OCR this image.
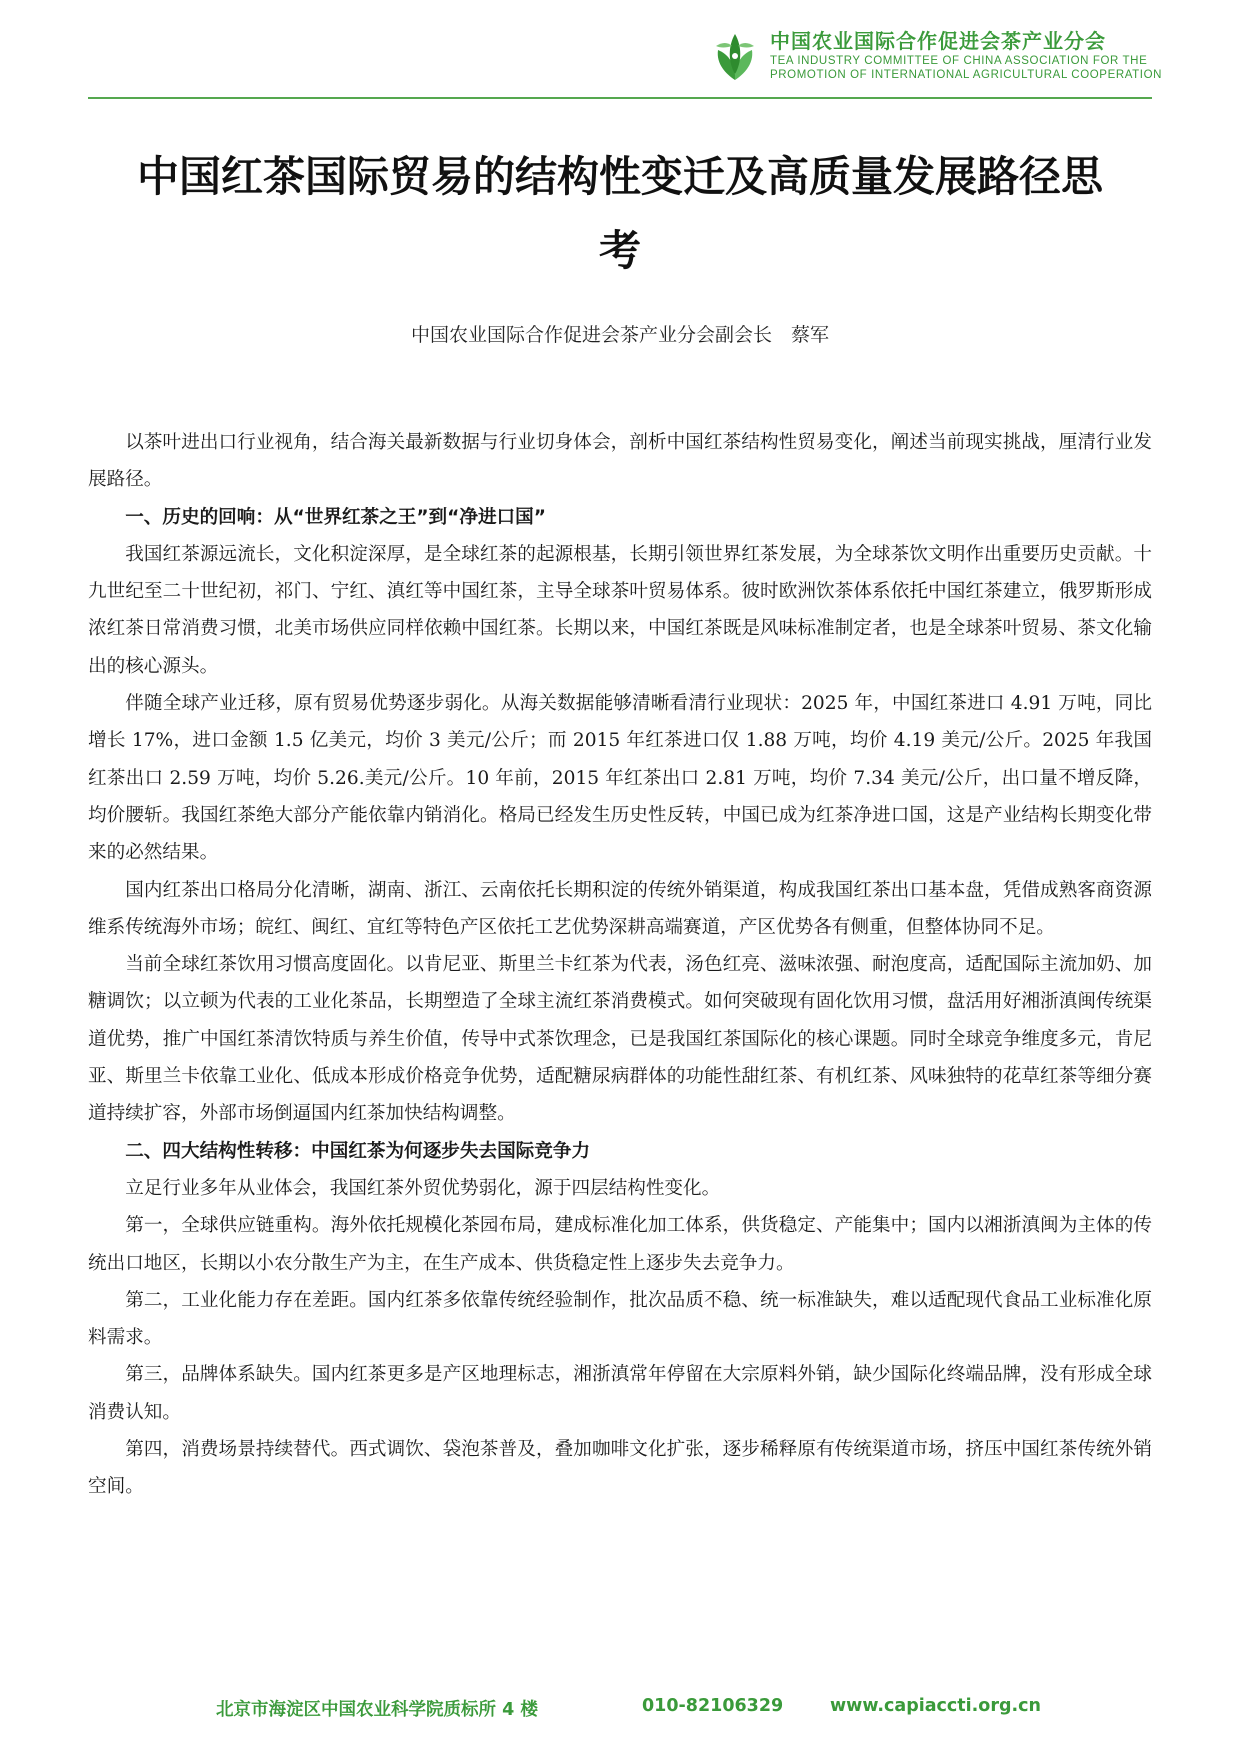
中国农业国际合作促进会茶产业分会
TEA INDUSTRY COMMITTEE OF CHINA ASSOCIATION FOR THE
PROMOTION OF INTERNATIONAL AGRICULTURAL COOPERATION
中国红茶国际贸易的结构性变迁及高质量发展路径思
考
中国农业国际合作促进会茶产业分会副会长　蔡军

以茶叶进出口行业视角，结合海关最新数据与行业切身体会，剖析中国红茶结构性贸易变化，阐述当前现实挑战，厘清行业发展路径。

一、历史的回响：从“世界红茶之王”到“净进口国”

我国红茶源远流长，文化积淀深厚，是全球红茶的起源根基，长期引领世界红茶发展，为全球茶饮文明作出重要历史贡献。十九世纪至二十世纪初，祁门、宁红、滇红等中国红茶，主导全球茶叶贸易体系。彼时欧洲饮茶体系依托中国红茶建立，俄罗斯形成浓红茶日常消费习惯，北美市场供应同样依赖中国红茶。长期以来，中国红茶既是风味标准制定者，也是全球茶叶贸易、茶文化输出的核心源头。

伴随全球产业迁移，原有贸易优势逐步弱化。从海关数据能够清晰看清行业现状：2025 年，中国红茶进口 4.91 万吨，同比增长 17%，进口金额 1.5 亿美元，均价 3 美元/公斤；而 2015 年红茶进口仅 1.88 万吨，均价 4.19 美元/公斤。2025 年我国红茶出口 2.59 万吨，均价 5.26.美元/公斤。10 年前，2015 年红茶出口 2.81 万吨，均价 7.34 美元/公斤，出口量不增反降，均价腰斩。我国红茶绝大部分产能依靠内销消化。格局已经发生历史性反转，中国已成为红茶净进口国，这是产业结构长期变化带来的必然结果。

国内红茶出口格局分化清晰，湖南、浙江、云南依托长期积淀的传统外销渠道，构成我国红茶出口基本盘，凭借成熟客商资源维系传统海外市场；皖红、闽红、宜红等特色产区依托工艺优势深耕高端赛道，产区优势各有侧重，但整体协同不足。

当前全球红茶饮用习惯高度固化。以肯尼亚、斯里兰卡红茶为代表，汤色红亮、滋味浓强、耐泡度高，适配国际主流加奶、加糖调饮；以立顿为代表的工业化茶品，长期塑造了全球主流红茶消费模式。如何突破现有固化饮用习惯，盘活用好湘浙滇闽传统渠道优势，推广中国红茶清饮特质与养生价值，传导中式茶饮理念，已是我国红茶国际化的核心课题。同时全球竞争维度多元，肯尼亚、斯里兰卡依靠工业化、低成本形成价格竞争优势，适配糖尿病群体的功能性甜红茶、有机红茶、风味独特的花草红茶等细分赛道持续扩容，外部市场倒逼国内红茶加快结构调整。

二、四大结构性转移：中国红茶为何逐步失去国际竞争力

立足行业多年从业体会，我国红茶外贸优势弱化，源于四层结构性变化。

第一，全球供应链重构。海外依托规模化茶园布局，建成标准化加工体系，供货稳定、产能集中；国内以湘浙滇闽为主体的传统出口地区，长期以小农分散生产为主，在生产成本、供货稳定性上逐步失去竞争力。

第二，工业化能力存在差距。国内红茶多依靠传统经验制作，批次品质不稳、统一标准缺失，难以适配现代食品工业标准化原料需求。

第三，品牌体系缺失。国内红茶更多是产区地理标志，湘浙滇常年停留在大宗原料外销，缺少国际化终端品牌，没有形成全球消费认知。

第四，消费场景持续替代。西式调饮、袋泡茶普及，叠加咖啡文化扩张，逐步稀释原有传统渠道市场，挤压中国红茶传统外销空间。

北京市海淀区中国农业科学院质标所 4 楼	010-82106329	www.capiaccti.org.cn
